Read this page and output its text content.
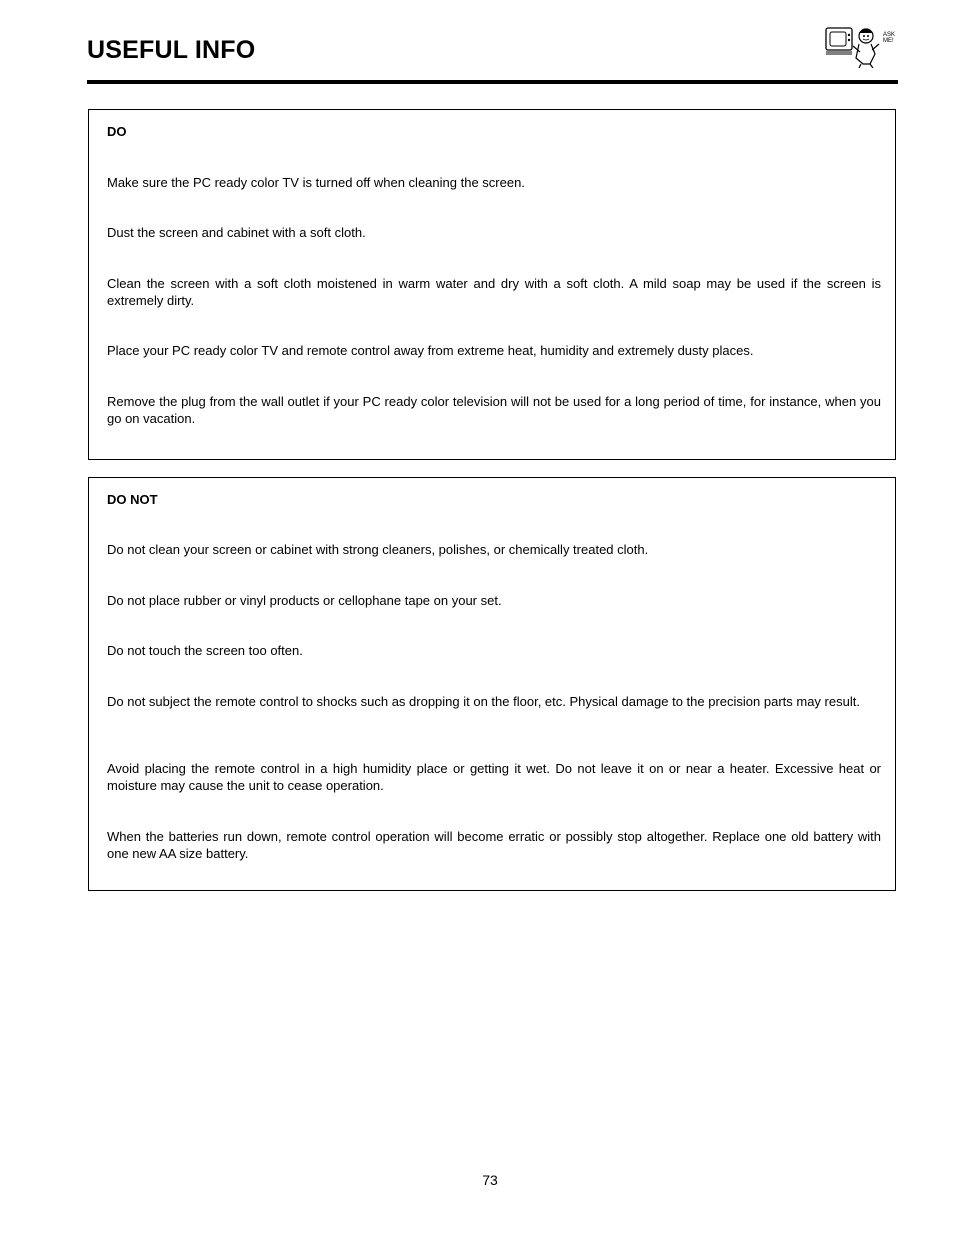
USEFUL INFO
ASK ME!
DO

Make sure the PC ready color TV is turned off when cleaning the screen.

Dust the screen and cabinet with a soft cloth.

Clean the screen with a soft cloth moistened in warm water and dry with a soft cloth. A mild soap may be used if the screen is extremely dirty.

Place your PC ready color TV and remote control away from extreme heat, humidity and extremely dusty places.

Remove the plug from the wall outlet if your PC ready color television will not be used for a long period of time, for instance, when you go on vacation.

DO NOT

Do not clean your screen or cabinet with strong cleaners, polishes, or chemically treated cloth.

Do not place rubber or vinyl products or cellophane tape on your set.

Do not touch the screen too often.

Do not subject the remote control to shocks such as dropping it on the floor, etc. Physical damage to the precision parts may result.

Avoid placing the remote control in a high humidity place or getting it wet. Do not leave it on or near a heater. Excessive heat or moisture may cause the unit to cease operation.

When the batteries run down, remote control operation will become erratic or possibly stop altogether. Replace one old battery with one new AA size battery.

73
